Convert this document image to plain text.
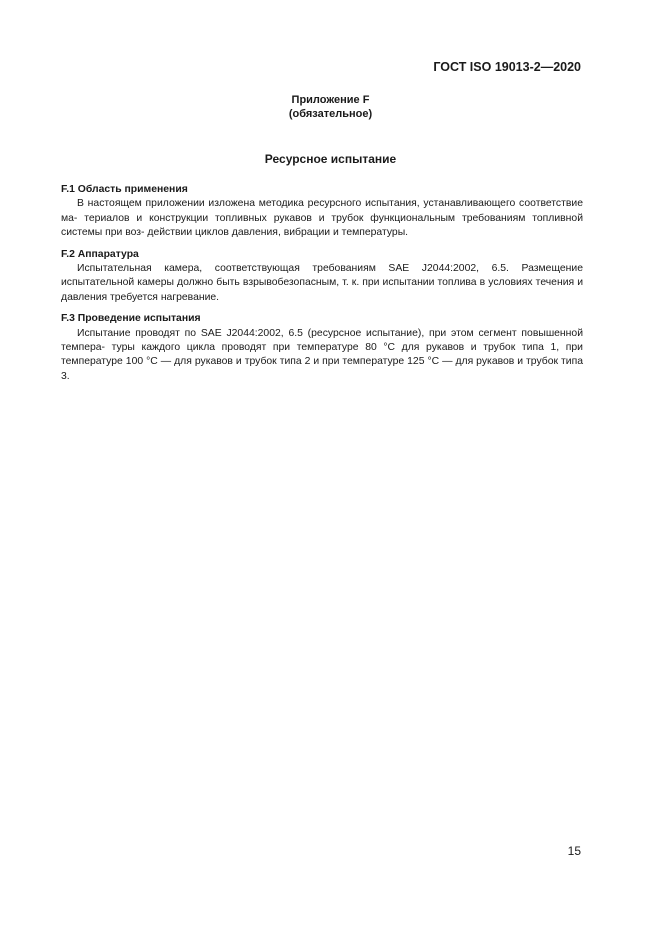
ГОСТ ISO 19013-2—2020
Приложение F
(обязательное)
Ресурсное испытание

F.1 Область применения

В настоящем приложении изложена методика ресурсного испытания, устанавливающего соответствие ма- териалов и конструкции топливных рукавов и трубок функциональным требованиям топливной системы при воз- действии циклов давления, вибрации и температуры.

F.2 Аппаратура

Испытательная камера, соответствующая требованиям SAE J2044:2002, 6.5. Размещение испытательной камеры должно быть взрывобезопасным, т. к. при испытании топлива в условиях течения и давления требуется нагревание.

F.3 Проведение испытания

Испытание проводят по SAE J2044:2002, 6.5 (ресурсное испытание), при этом сегмент повышенной темпера- туры каждого цикла проводят при температуре 80 °C для рукавов и трубок типа 1, при температуре 100 °C — для рукавов и трубок типа 2 и при температуре 125 °C — для рукавов и трубок типа 3.

15
